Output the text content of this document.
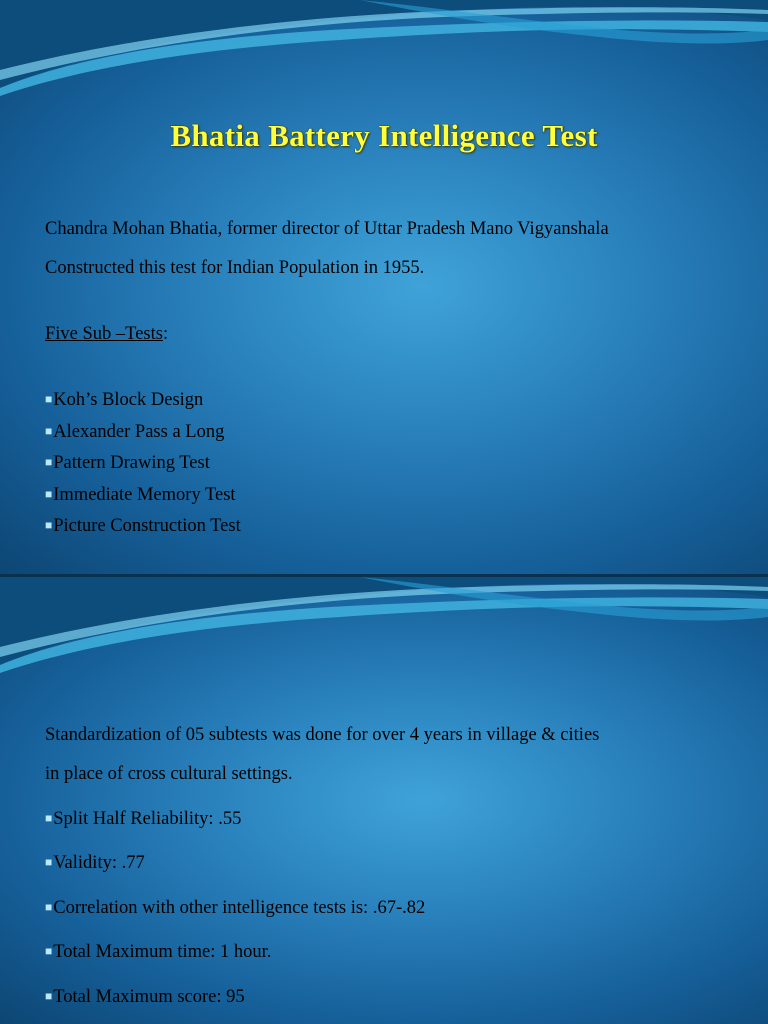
Bhatia Battery Intelligence Test
Chandra Mohan Bhatia, former director of Uttar Pradesh Mano Vigyanshala
Constructed this test for Indian Population in 1955.
Five Sub –Tests:
■Koh’s Block Design
■Alexander Pass a Long
■Pattern Drawing Test
■Immediate Memory Test
■Picture Construction Test
Standardization of 05 subtests was done for over 4 years in village & cities
in place of cross cultural settings.
■Split Half Reliability: .55
■Validity: .77
■Correlation with other intelligence tests is: .67-.82
■Total Maximum time: 1 hour.
■Total Maximum score: 95
